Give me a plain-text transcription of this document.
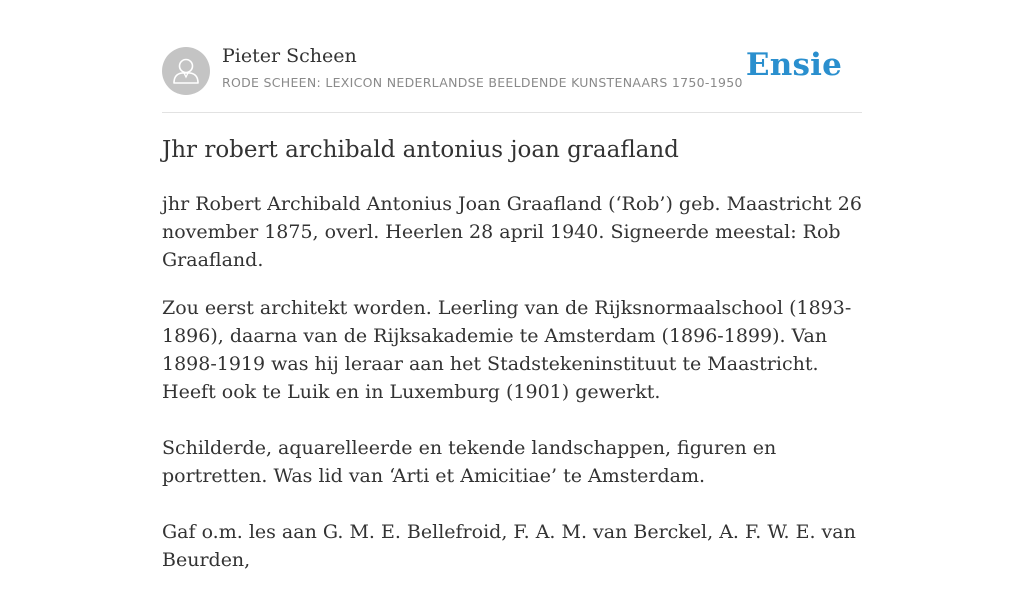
Pieter Scheen
RODE SCHEEN: LEXICON NEDERLANDSE BEELDENDE KUNSTENAARS 1750-1950 Ensie
Jhr robert archibald antonius joan graafland

jhr Robert Archibald Antonius Joan Graafland (‘Rob’) geb. Maastricht 26 november 1875, overl. Heerlen 28 april 1940. Signeerde meestal: Rob Graafland.

Zou eerst architekt worden. Leerling van de Rijksnormaalschool (1893-1896), daarna van de Rijksakademie te Amsterdam (1896-1899). Van 1898-1919 was hij leraar aan het Stadstekeninstituut te Maastricht. Heeft ook te Luik en in Luxemburg (1901) gewerkt.

Schilderde, aquarelleerde en tekende landschappen, figuren en portretten. Was lid van ‘Arti et Amicitiae’ te Amsterdam.

Gaf o.m. les aan G. M. E. Bellefroid, F. A. M. van Berckel, A. F. W. E. van Beurden,
